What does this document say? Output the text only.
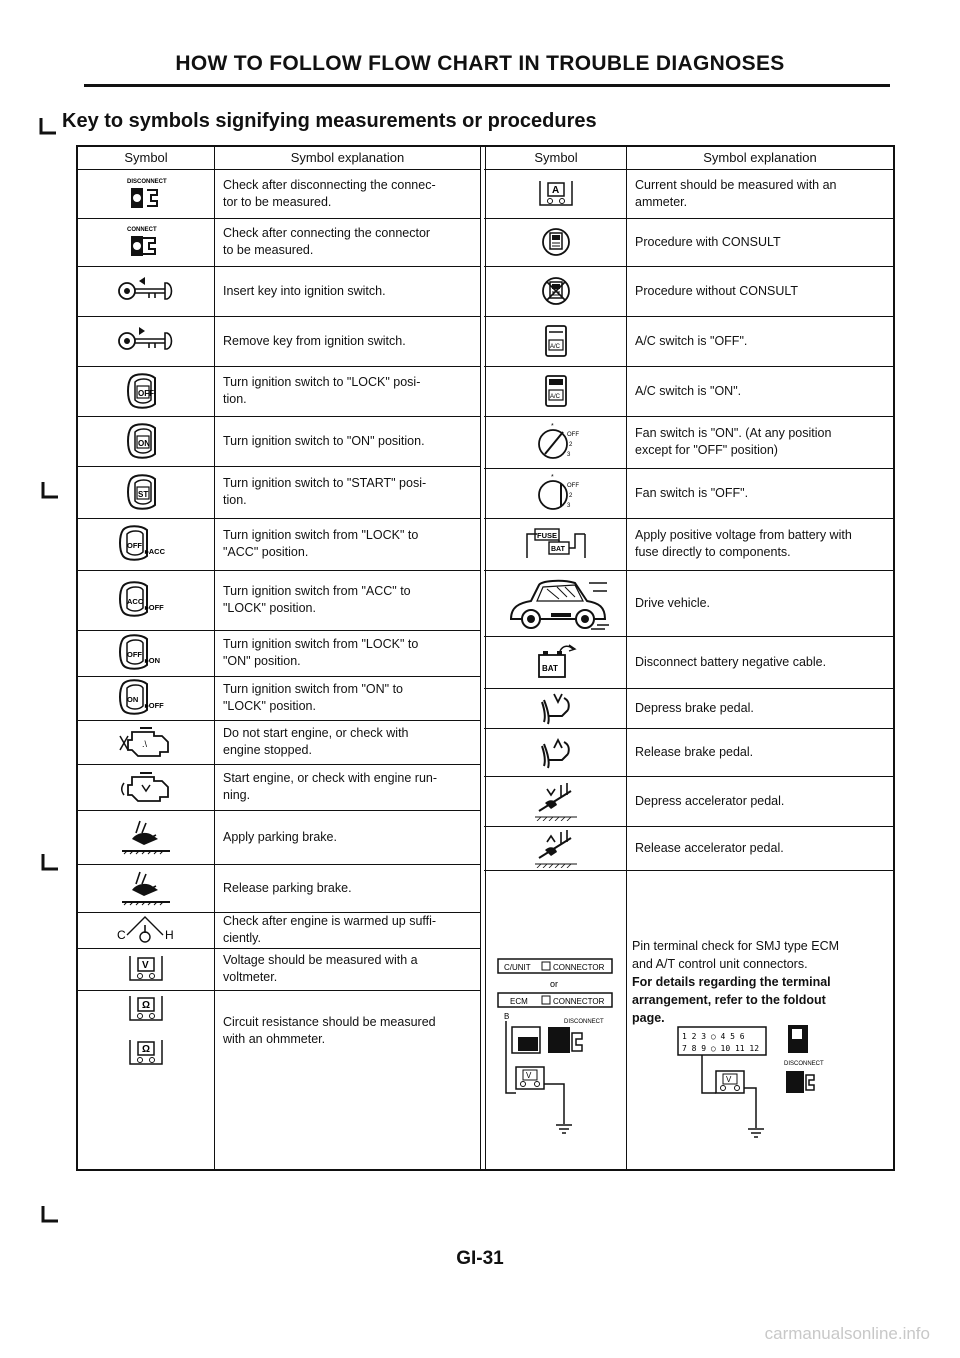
HOW TO FOLLOW FLOW CHART IN TROUBLE DIAGNOSES
Key to symbols signifying measurements or procedures
Symbol	Symbol explanation	Symbol	Symbol explanation
DISCONNECT	Check after disconnecting the connec-
tor to be measured.
CONNECT	Check after connecting the connector
to be measured.
Insert key into ignition switch.
Remove key from ignition switch.
OFF
Turn ignition switch to "LOCK" posi-
tion.
ON	Turn ignition switch to "ON" position.
ST
Turn ignition switch to "START" posi-
tion.
OFF
▸ACC
Turn ignition switch from "LOCK" to
"ACC" position.
ACC
▸OFF
Turn ignition switch from "ACC" to
"LOCK" position.
OFF
▸ON
Turn ignition switch from "LOCK" to
"ON" position.
ON
▸OFF
Turn ignition switch from "ON" to
"LOCK" position.
.\
Do not start engine, or check with
engine stopped.
Start engine, or check with engine run-
ning.
Apply parking brake.
Release parking brake.
C	H
Check after engine is warmed up suffi-
ciently.
V	Voltage should be measured with a
voltmeter.
Ω
Ω
Circuit resistance should be measured
with an ohmmeter.
A	Current should be measured with an
ammeter.
Procedure with CONSULT
Procedure without CONSULT
A/C	A/C switch is "OFF".
A/C	A/C switch is "ON".
*
OFF
2
3
Fan switch is "ON". (At any position
except for "OFF" position)
*
OFF
2
3
Fan switch is "OFF".
FUSE
BAT
Apply positive voltage from battery with
fuse directly to components.
Drive vehicle.
BAT	Disconnect battery negative cable.
Depress brake pedal.
Release brake pedal.
Depress accelerator pedal.
Release accelerator pedal.
Pin terminal check for SMJ type ECM
and A/T control unit connectors.
For details regarding the terminal
arrangement, refer to the foldout
page.
C/UNIT	CONNECTOR
or
ECM	CONNECTOR
B
DISCONNECT
V
1 2 3 ○ 4 5 6
7 8 9 ○ 10 11 12
DISCONNECT
V
GI-31
carmanualsonline.info
